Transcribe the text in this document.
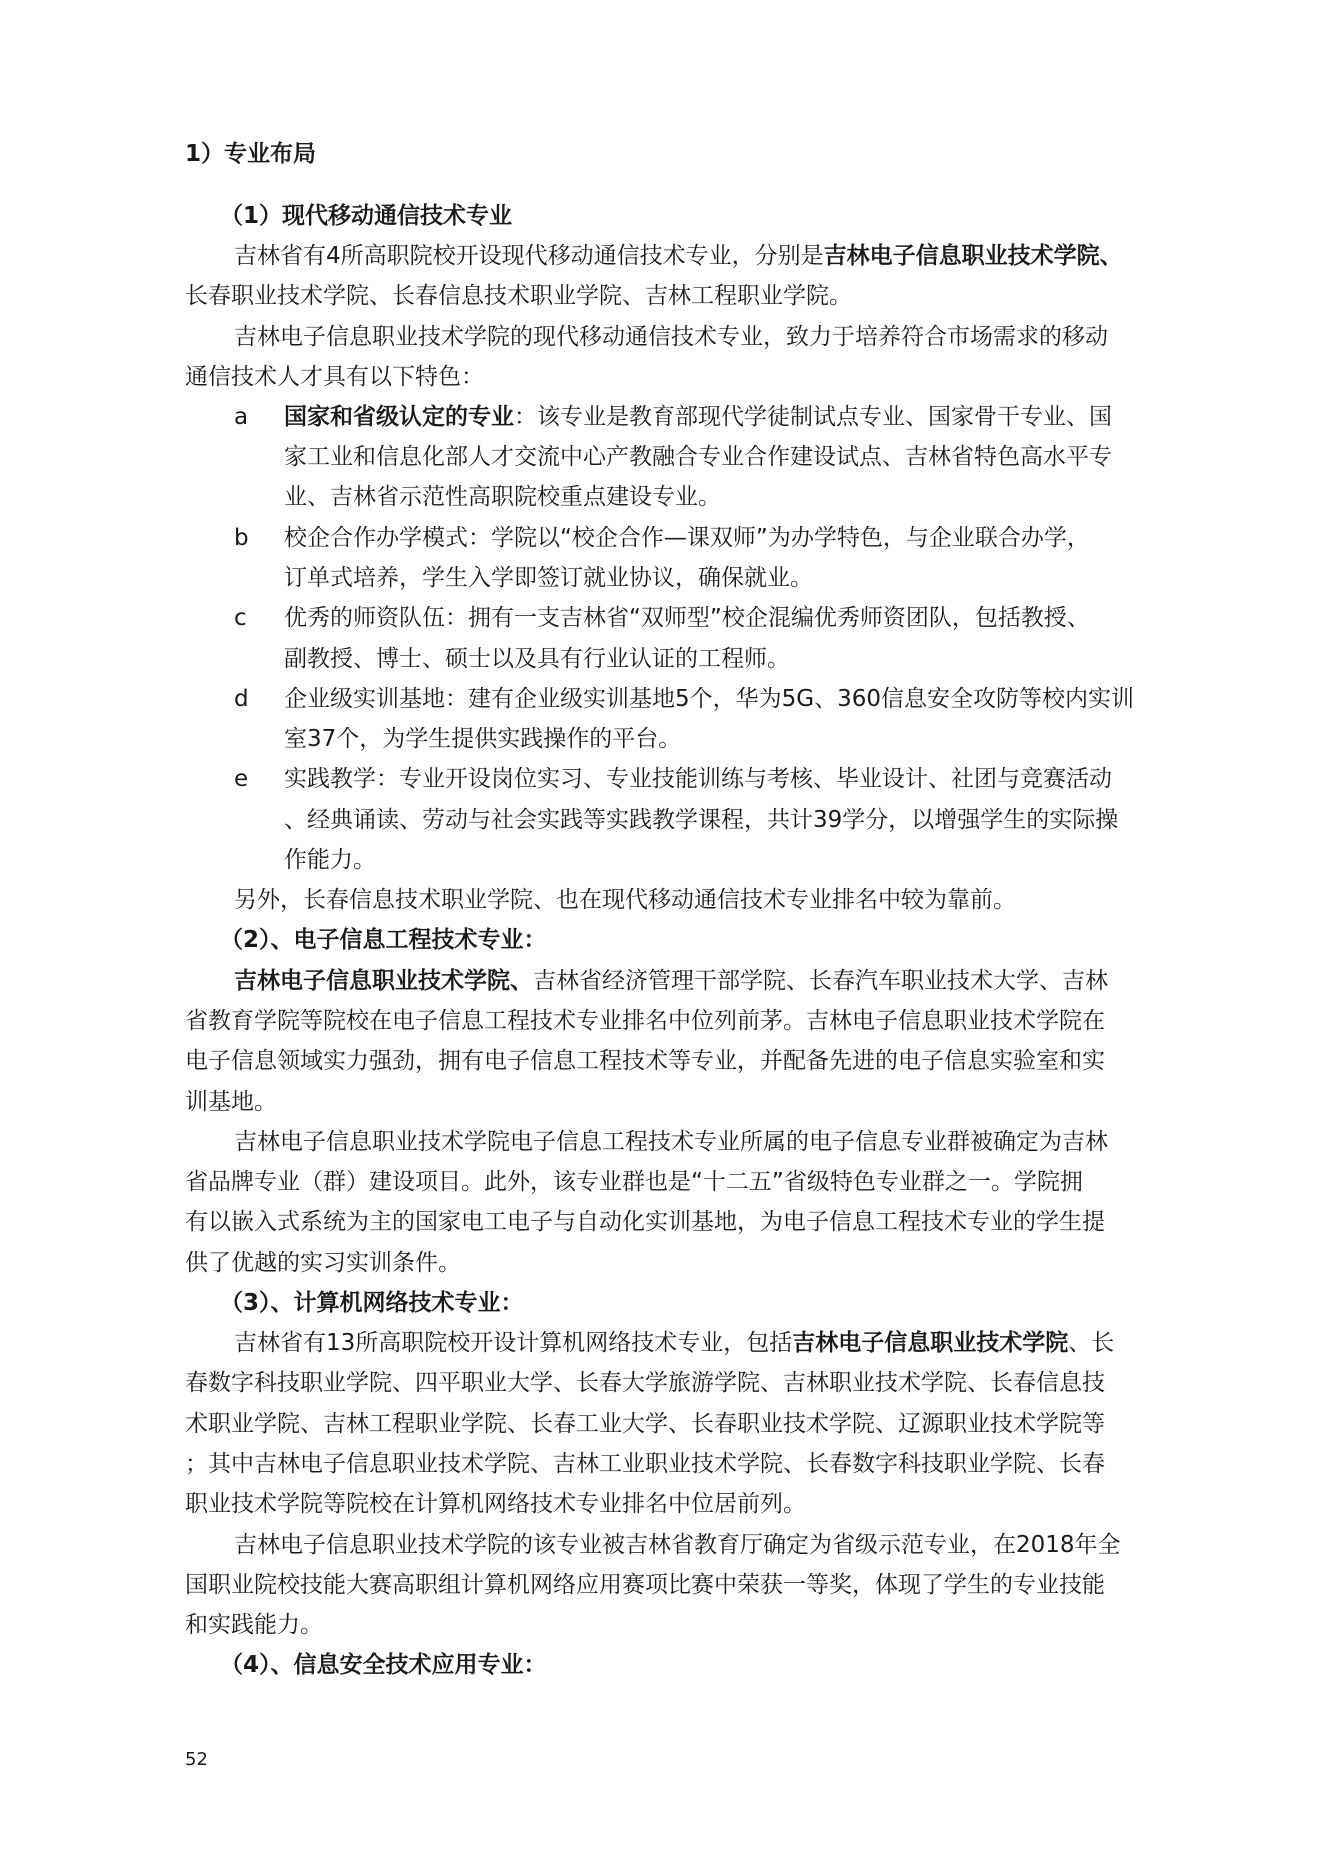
1）专业布局
（1）现代移动通信技术专业
吉林省有4所高职院校开设现代移动通信技术专业，分别是吉林电子信息职业技术学院、
长春职业技术学院、长春信息技术职业学院、吉林工程职业学院。
吉林电子信息职业技术学院的现代移动通信技术专业，致力于培养符合市场需求的移动
通信技术人才具有以下特色：
a 国家和省级认定的专业：该专业是教育部现代学徒制试点专业、国家骨干专业、国
家工业和信息化部人才交流中心产教融合专业合作建设试点、吉林省特色高水平专
业、吉林省示范性高职院校重点建设专业。
b 校企合作办学模式：学院以“校企合作—课双师”为办学特色，与企业联合办学，
订单式培养，学生入学即签订就业协议，确保就业。
c 优秀的师资队伍：拥有一支吉林省“双师型”校企混编优秀师资团队，包括教授、
副教授、博士、硕士以及具有行业认证的工程师。
d 企业级实训基地：建有企业级实训基地5个，华为5G、360信息安全攻防等校内实训
室37个，为学生提供实践操作的平台。
e 实践教学：专业开设岗位实习、专业技能训练与考核、毕业设计、社团与竞赛活动
、经典诵读、劳动与社会实践等实践教学课程，共计39学分，以增强学生的实际操
作能力。
另外，长春信息技术职业学院、也在现代移动通信技术专业排名中较为靠前。
（2）、电子信息工程技术专业：
吉林电子信息职业技术学院、吉林省经济管理干部学院、长春汽车职业技术大学、吉林
省教育学院等院校在电子信息工程技术专业排名中位列前茅。吉林电子信息职业技术学院在
电子信息领域实力强劲，拥有电子信息工程技术等专业，并配备先进的电子信息实验室和实
训基地。
吉林电子信息职业技术学院电子信息工程技术专业所属的电子信息专业群被确定为吉林
省品牌专业（群）建设项目。此外，该专业群也是“十二五”省级特色专业群之一。学院拥
有以嵌入式系统为主的国家电工电子与自动化实训基地，为电子信息工程技术专业的学生提
供了优越的实习实训条件。
（3）、计算机网络技术专业：
吉林省有13所高职院校开设计算机网络技术专业，包括吉林电子信息职业技术学院、长
春数字科技职业学院、四平职业大学、长春大学旅游学院、吉林职业技术学院、长春信息技
术职业学院、吉林工程职业学院、长春工业大学、长春职业技术学院、辽源职业技术学院等
；其中吉林电子信息职业技术学院、吉林工业职业技术学院、长春数字科技职业学院、长春
职业技术学院等院校在计算机网络技术专业排名中位居前列。
吉林电子信息职业技术学院的该专业被吉林省教育厅确定为省级示范专业，在2018年全
国职业院校技能大赛高职组计算机网络应用赛项比赛中荣获一等奖，体现了学生的专业技能
和实践能力。
（4）、信息安全技术应用专业：
52
